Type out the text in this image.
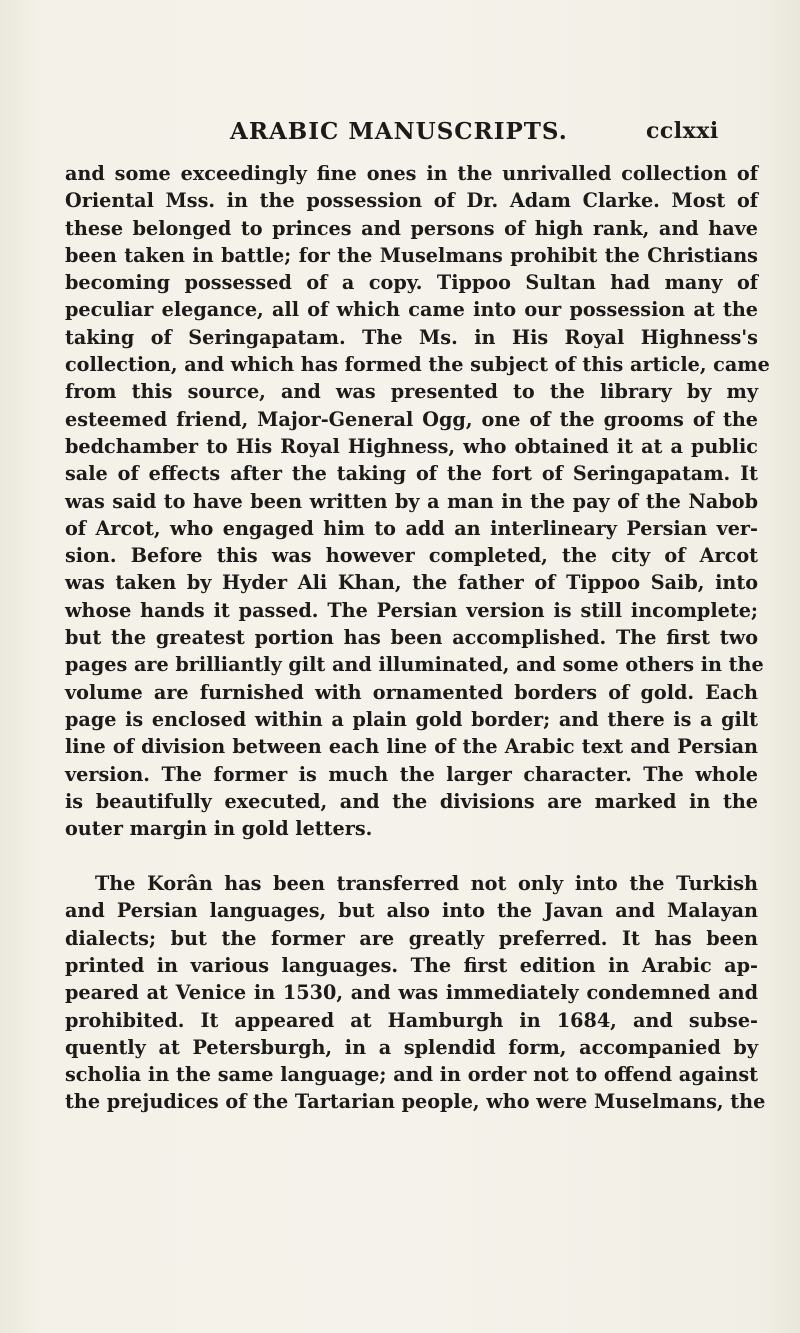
ARABIC MANUSCRIPTS.	cclxxi
and some exceedingly fine ones in the unrivalled collection of
Oriental Mss. in the possession of Dr. Adam Clarke. Most of
these belonged to princes and persons of high rank, and have
been taken in battle; for the Muselmans prohibit the Christians
becoming possessed of a copy. Tippoo Sultan had many of
peculiar elegance, all of which came into our possession at the
taking of Seringapatam. The Ms. in His Royal Highness's
collection, and which has formed the subject of this article, came
from this source, and was presented to the library by my
esteemed friend, Major-General Ogg, one of the grooms of the
bedchamber to His Royal Highness, who obtained it at a public
sale of effects after the taking of the fort of Seringapatam. It
was said to have been written by a man in the pay of the Nabob
of Arcot, who engaged him to add an interlineary Persian ver-
sion. Before this was however completed, the city of Arcot
was taken by Hyder Ali Khan, the father of Tippoo Saib, into
whose hands it passed. The Persian version is still incomplete;
but the greatest portion has been accomplished. The first two
pages are brilliantly gilt and illuminated, and some others in the
volume are furnished with ornamented borders of gold. Each
page is enclosed within a plain gold border; and there is a gilt
line of division between each line of the Arabic text and Persian
version. The former is much the larger character. The whole
is beautifully executed, and the divisions are marked in the
outer margin in gold letters.
The Korân has been transferred not only into the Turkish
and Persian languages, but also into the Javan and Malayan
dialects; but the former are greatly preferred. It has been
printed in various languages. The first edition in Arabic ap-
peared at Venice in 1530, and was immediately condemned and
prohibited. It appeared at Hamburgh in 1684, and subse-
quently at Petersburgh, in a splendid form, accompanied by
scholia in the same language; and in order not to offend against
the prejudices of the Tartarian people, who were Muselmans, the
